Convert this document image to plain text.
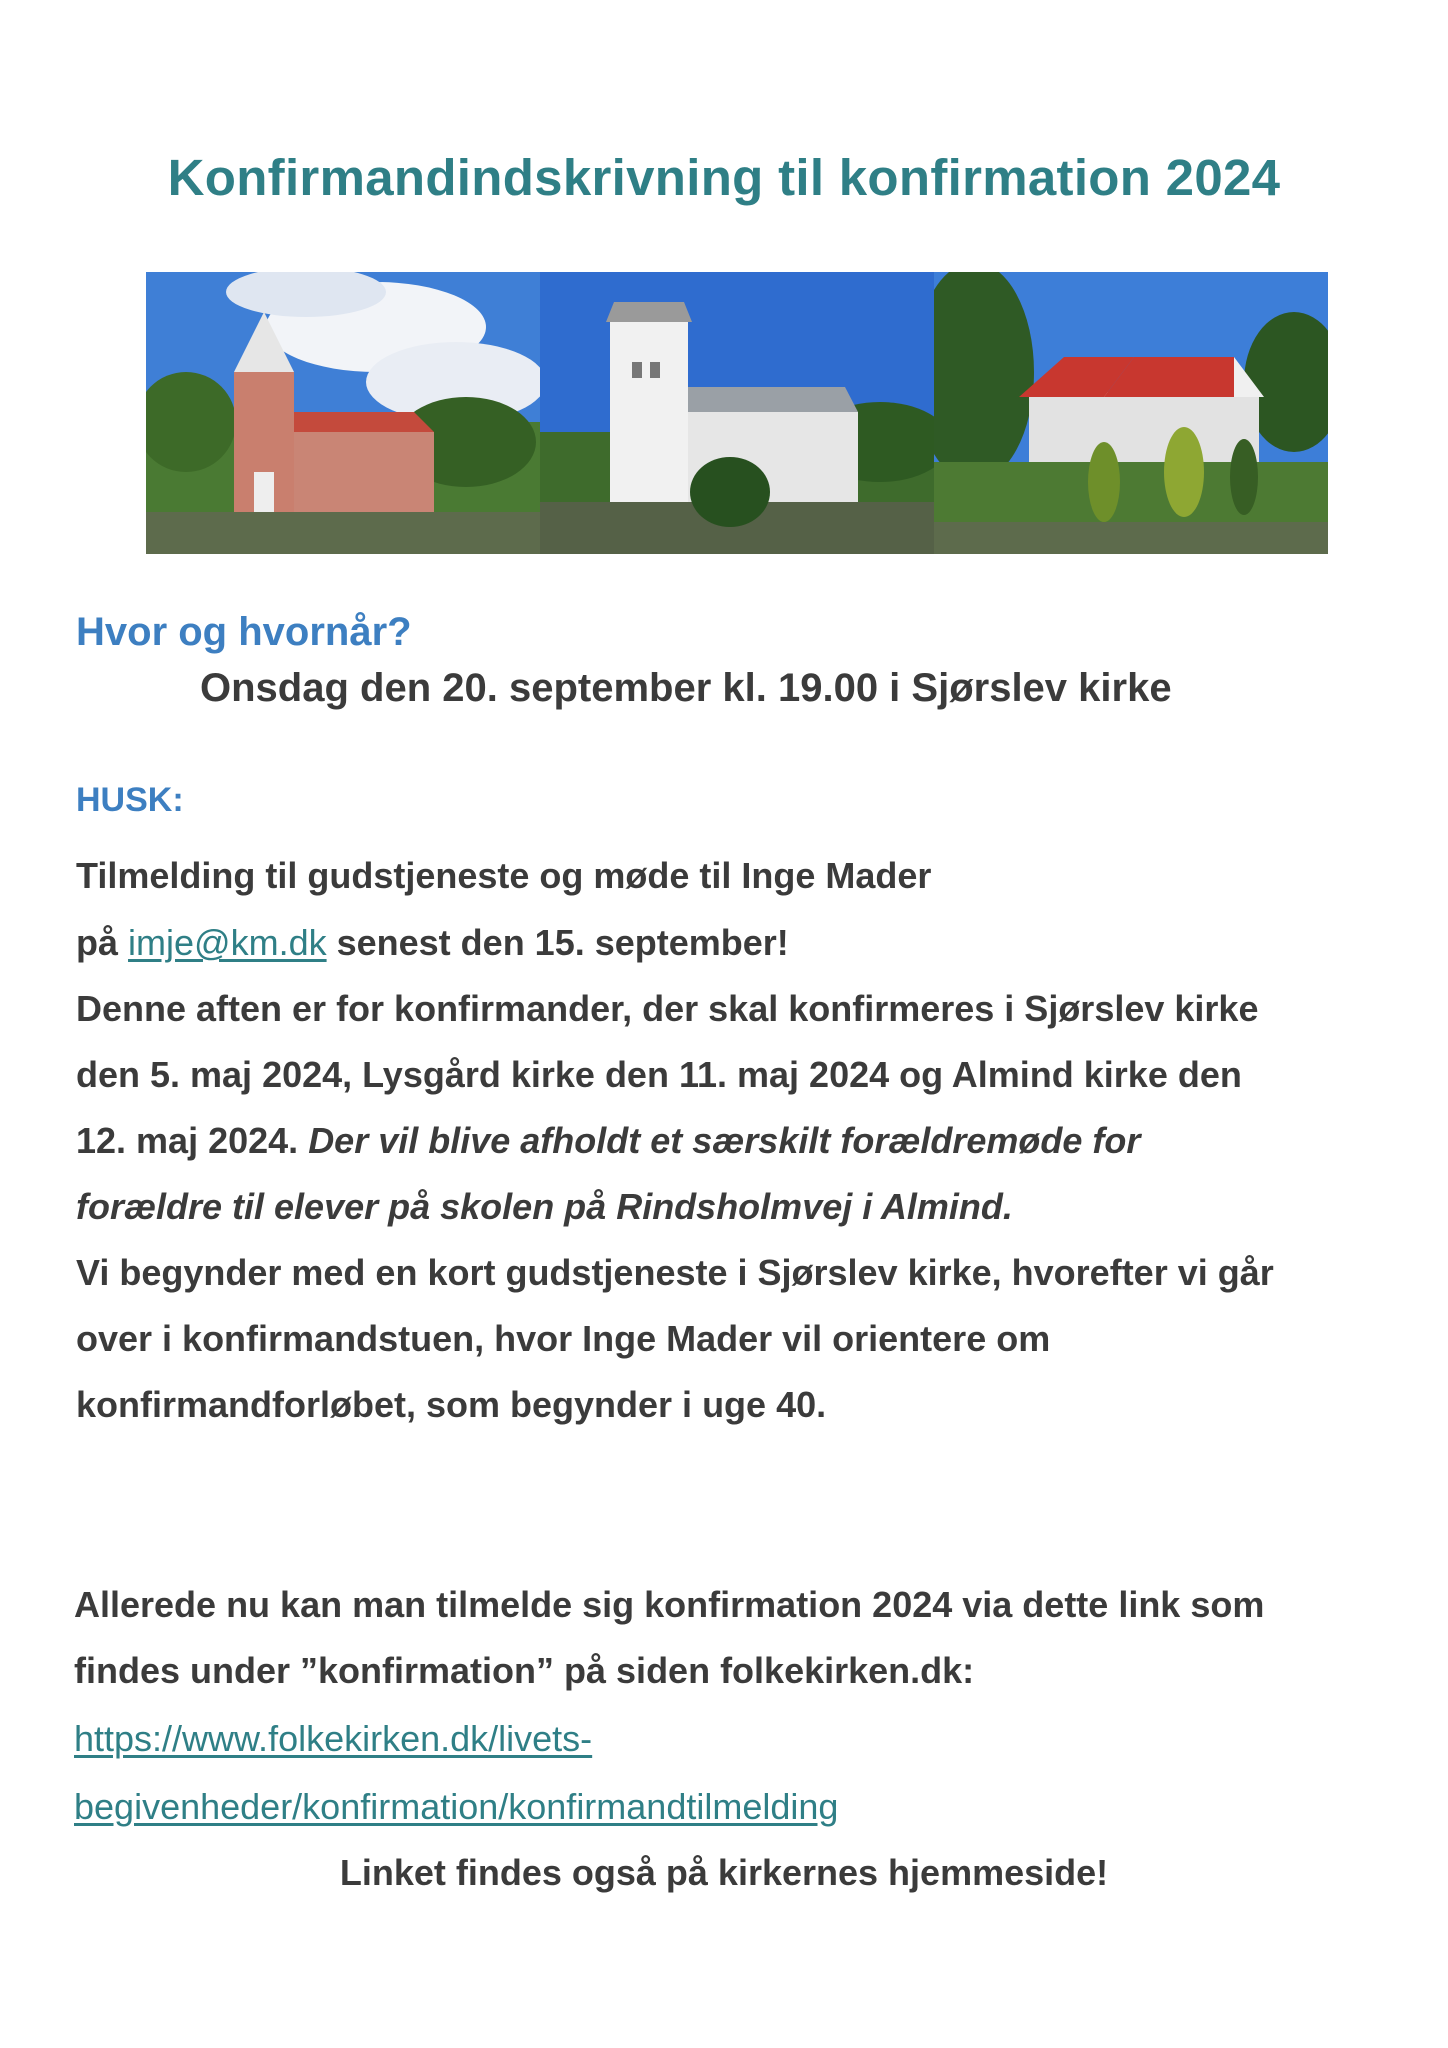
Konfirmandindskrivning til konfirmation 2024
Hvor og hvornår?
Onsdag den 20. september kl. 19.00 i Sjørslev kirke
HUSK:
Tilmelding til gudstjeneste og møde til Inge Mader
på imje@km.dk senest den 15. september!
Denne aften er for konfirmander, der skal konfirmeres i Sjørslev kirke
den 5. maj 2024, Lysgård kirke den 11. maj 2024 og Almind kirke den
12. maj 2024. Der vil blive afholdt et særskilt forældremøde for
forældre til elever på skolen på Rindsholmvej i Almind.
Vi begynder med en kort gudstjeneste i Sjørslev kirke, hvorefter vi går
over i konfirmandstuen, hvor Inge Mader vil orientere om
konfirmandforløbet, som begynder i uge 40.
Allerede nu kan man tilmelde sig konfirmation 2024 via dette link som
findes under ”konfirmation” på siden folkekirken.dk:
https://www.folkekirken.dk/livets-
begivenheder/konfirmation/konfirmandtilmelding
Linket findes også på kirkernes hjemmeside!
